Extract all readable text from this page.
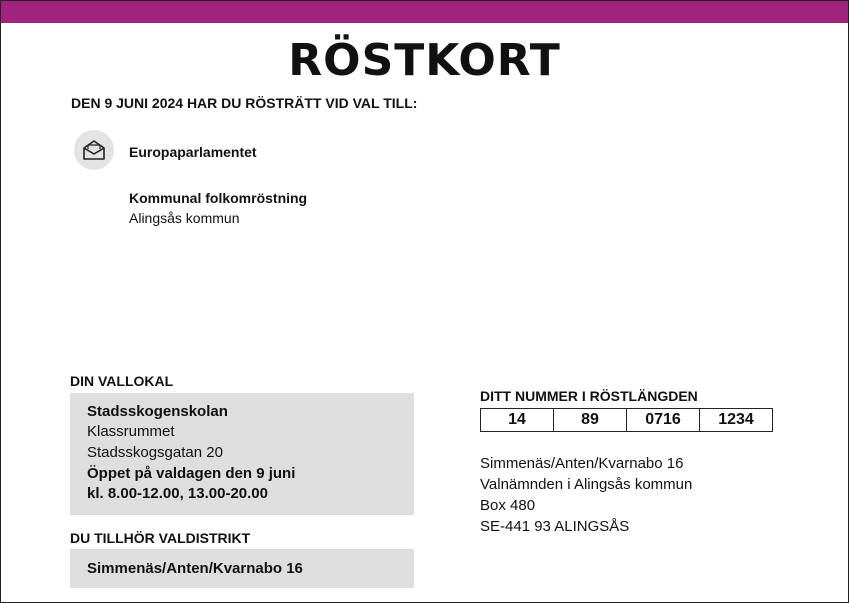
RÖSTKORT
DEN 9 JUNI 2024 HAR DU RÖSTRÄTT VID VAL TILL:
Europaparlamentet
Kommunal folkomröstning
Alingsås kommun
DIN VALLOKAL
Stadsskogenskolan
Klassrummet
Stadsskogsgatan 20
Öppet på valdagen den 9 juni
kl. 8.00-12.00, 13.00-20.00
DU TILLHÖR VALDISTRIKT
Simmenäs/Anten/Kvarnabo 16
DITT NUMMER I RÖSTLÄNGDEN
14	89	0716	1234
Simmenäs/Anten/Kvarnabo 16
Valnämnden i Alingsås kommun
Box 480
SE-441 93 ALINGSÅS
